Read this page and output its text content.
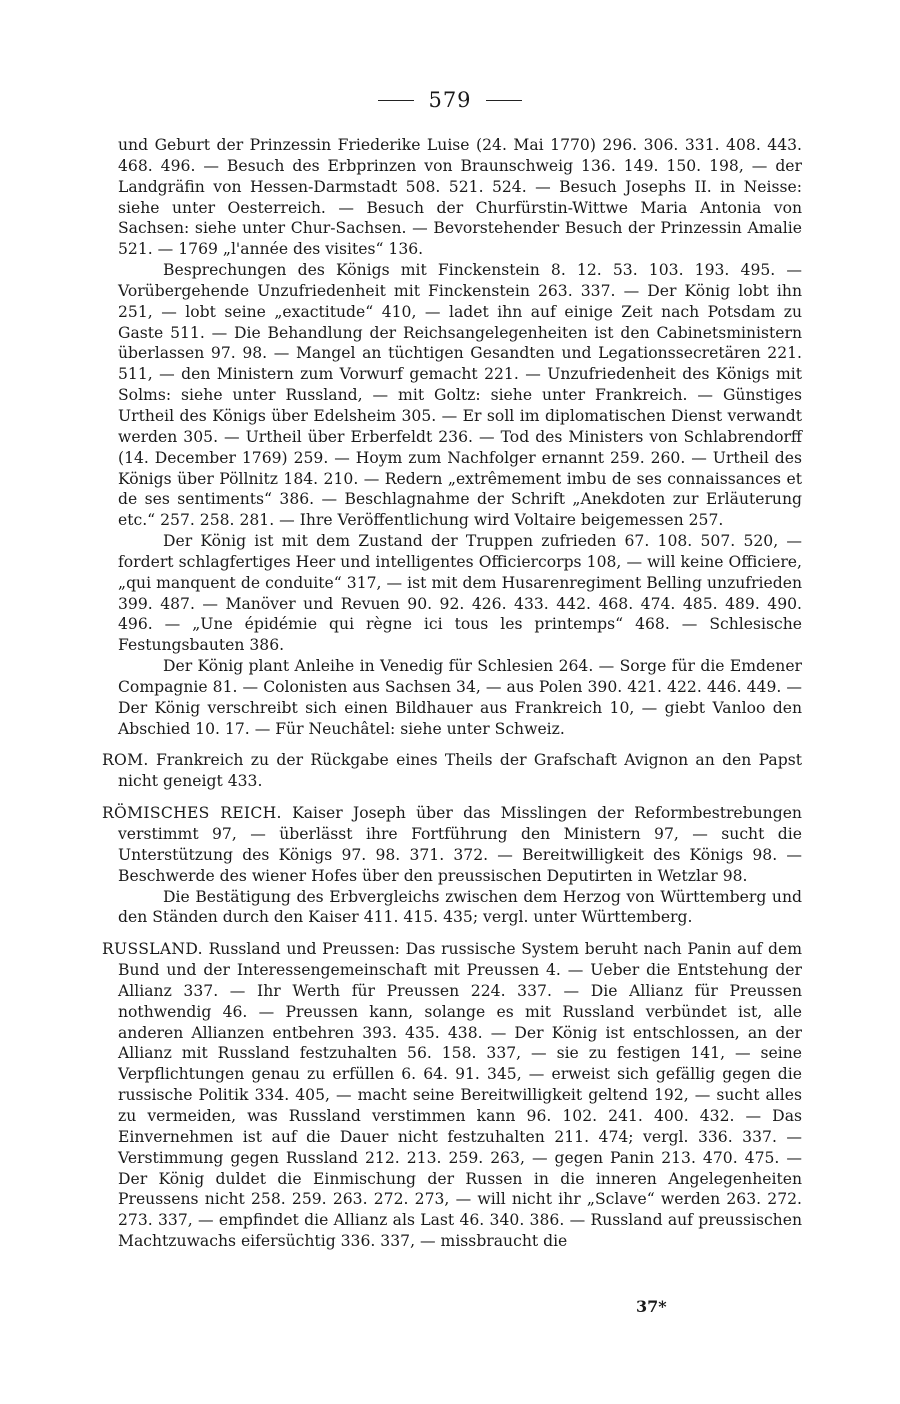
579

und Geburt der Prinzessin Friederike Luise (24. Mai 1770) 296. 306. 331. 408. 443. 468. 496. — Besuch des Erbprinzen von Braunschweig 136. 149. 150. 198, — der Landgräfin von Hessen-Darmstadt 508. 521. 524. — Besuch Josephs II. in Neisse: siehe unter Oesterreich. — Besuch der Churfürstin-Wittwe Maria Antonia von Sachsen: siehe unter Chur-Sachsen. — Bevorstehender Besuch der Prinzessin Amalie 521. — 1769 „l'année des visites“ 136.

Besprechungen des Königs mit Finckenstein 8. 12. 53. 103. 193. 495. — Vorübergehende Unzufriedenheit mit Finckenstein 263. 337. — Der König lobt ihn 251, — lobt seine „exactitude“ 410, — ladet ihn auf einige Zeit nach Potsdam zu Gaste 511. — Die Behandlung der Reichsangelegenheiten ist den Cabinetsministern überlassen 97. 98. — Mangel an tüchtigen Gesandten und Legationssecretären 221. 511, — den Ministern zum Vorwurf gemacht 221. — Unzufriedenheit des Königs mit Solms: siehe unter Russland, — mit Goltz: siehe unter Frankreich. — Günstiges Urtheil des Königs über Edelsheim 305. — Er soll im diplomatischen Dienst verwandt werden 305. — Urtheil über Erberfeldt 236. — Tod des Ministers von Schlabrendorff (14. December 1769) 259. — Hoym zum Nachfolger ernannt 259. 260. — Urtheil des Königs über Pöllnitz 184. 210. — Redern „extrêmement imbu de ses connaissances et de ses sentiments“ 386. — Beschlagnahme der Schrift „Anekdoten zur Erläuterung etc.“ 257. 258. 281. — Ihre Veröffentlichung wird Voltaire beigemessen 257.

Der König ist mit dem Zustand der Truppen zufrieden 67. 108. 507. 520, — fordert schlagfertiges Heer und intelligentes Officiercorps 108, — will keine Officiere, „qui manquent de conduite“ 317, — ist mit dem Husarenregiment Belling unzufrieden 399. 487. — Manöver und Revuen 90. 92. 426. 433. 442. 468. 474. 485. 489. 490. 496. — „Une épidémie qui règne ici tous les printemps“ 468. — Schlesische Festungsbauten 386.

Der König plant Anleihe in Venedig für Schlesien 264. — Sorge für die Emdener Compagnie 81. — Colonisten aus Sachsen 34, — aus Polen 390. 421. 422. 446. 449. — Der König verschreibt sich einen Bildhauer aus Frankreich 10, — giebt Vanloo den Abschied 10. 17. — Für Neuchâtel: siehe unter Schweiz.

ROM. Frankreich zu der Rückgabe eines Theils der Grafschaft Avignon an den Papst nicht geneigt 433.

RÖMISCHES REICH. Kaiser Joseph über das Misslingen der Reformbestrebungen verstimmt 97, — überlässt ihre Fortführung den Ministern 97, — sucht die Unterstützung des Königs 97. 98. 371. 372. — Bereitwilligkeit des Königs 98. — Beschwerde des wiener Hofes über den preussischen Deputirten in Wetzlar 98.

Die Bestätigung des Erbvergleichs zwischen dem Herzog von Württemberg und den Ständen durch den Kaiser 411. 415. 435; vergl. unter Württemberg.

RUSSLAND. Russland und Preussen: Das russische System beruht nach Panin auf dem Bund und der Interessengemeinschaft mit Preussen 4. — Ueber die Entstehung der Allianz 337. — Ihr Werth für Preussen 224. 337. — Die Allianz für Preussen nothwendig 46. — Preussen kann, solange es mit Russland verbündet ist, alle anderen Allianzen entbehren 393. 435. 438. — Der König ist entschlossen, an der Allianz mit Russland festzuhalten 56. 158. 337, — sie zu festigen 141, — seine Verpflichtungen genau zu erfüllen 6. 64. 91. 345, — erweist sich gefällig gegen die russische Politik 334. 405, — macht seine Bereitwilligkeit geltend 192, — sucht alles zu vermeiden, was Russland verstimmen kann 96. 102. 241. 400. 432. — Das Einvernehmen ist auf die Dauer nicht festzuhalten 211. 474; vergl. 336. 337. — Verstimmung gegen Russland 212. 213. 259. 263, — gegen Panin 213. 470. 475. — Der König duldet die Einmischung der Russen in die inneren Angelegenheiten Preussens nicht 258. 259. 263. 272. 273, — will nicht ihr „Sclave“ werden 263. 272. 273. 337, — empfindet die Allianz als Last 46. 340. 386. — Russland auf preussischen Machtzuwachs eifersüchtig 336. 337, — missbraucht die

37*
